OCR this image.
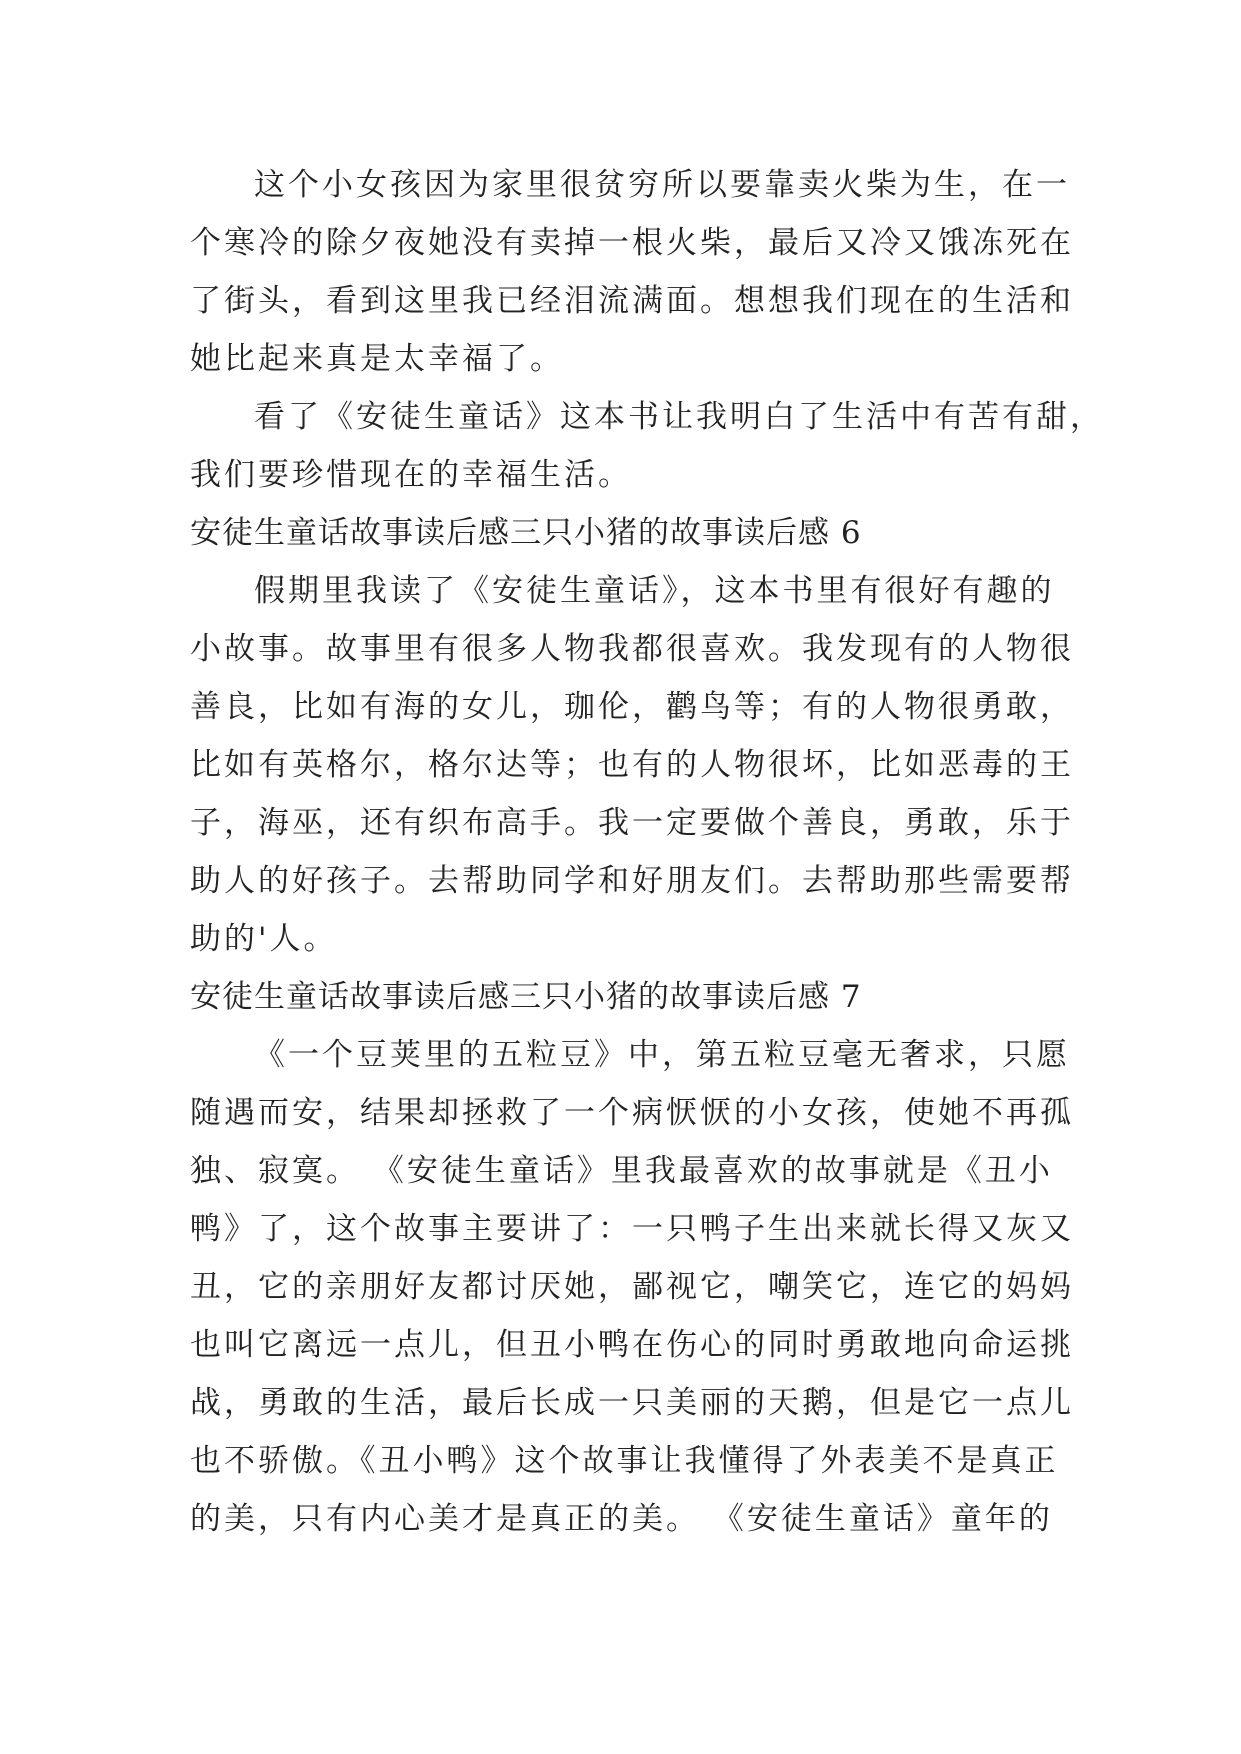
这个小女孩因为家里很贫穷所以要靠卖火柴为生，在一
个寒冷的除夕夜她没有卖掉一根火柴，最后又冷又饿冻死在
了街头，看到这里我已经泪流满面。想想我们现在的生活和
她比起来真是太幸福了。
看了《安徒生童话》这本书让我明白了生活中有苦有甜，
我们要珍惜现在的幸福生活。
安徒生童话故事读后感三只小猪的故事读后感 6
假期里我读了《安徒生童话》，这本书里有很好有趣的
小故事。故事里有很多人物我都很喜欢。我发现有的人物很
善良，比如有海的女儿，珈伦，鹳鸟等；有的人物很勇敢，
比如有英格尔，格尔达等；也有的人物很坏，比如恶毒的王
子，海巫，还有织布高手。我一定要做个善良，勇敢，乐于
助人的好孩子。去帮助同学和好朋友们。去帮助那些需要帮
助的'人。
安徒生童话故事读后感三只小猪的故事读后感 7
《一个豆荚里的五粒豆》中，第五粒豆毫无奢求，只愿
随遇而安，结果却拯救了一个病恹恹的小女孩，使她不再孤
独、寂寞。 《安徒生童话》里我最喜欢的故事就是《丑小
鸭》了，这个故事主要讲了：一只鸭子生出来就长得又灰又
丑，它的亲朋好友都讨厌她，鄙视它，嘲笑它，连它的妈妈
也叫它离远一点儿，但丑小鸭在伤心的同时勇敢地向命运挑
战，勇敢的生活，最后长成一只美丽的天鹅，但是它一点儿
也不骄傲。《丑小鸭》这个故事让我懂得了外表美不是真正
的美，只有内心美才是真正的美。 《安徒生童话》童年的
